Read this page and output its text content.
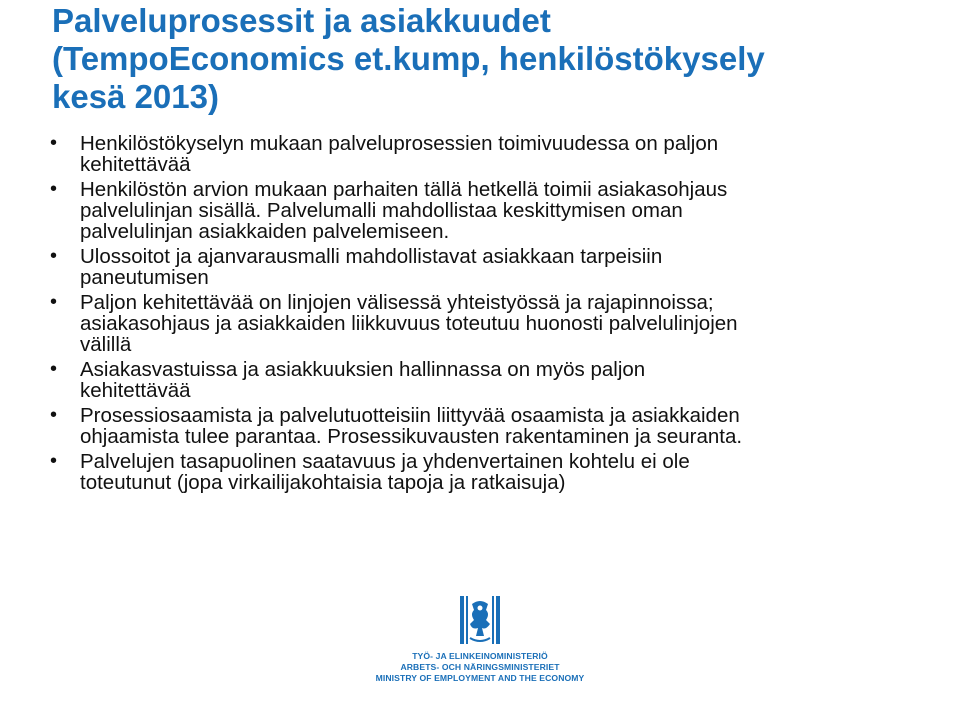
Palveluprosessit ja asiakkuudet
(TempoEconomics et.kump, henkilöstökysely
kesä 2013)
• Henkilöstökyselyn mukaan palveluprosessien toimivuudessa on paljon
kehitettävää
• Henkilöstön arvion mukaan parhaiten tällä hetkellä toimii asiakasohjaus
palvelulinjan sisällä. Palvelumalli mahdollistaa keskittymisen oman
palvelulinjan asiakkaiden palvelemiseen.
• Ulossoitot ja ajanvarausmalli mahdollistavat asiakkaan tarpeisiin
paneutumisen
• Paljon kehitettävää on linjojen välisessä yhteistyössä ja rajapinnoissa;
asiakasohjaus ja asiakkaiden liikkuvuus toteutuu huonosti palvelulinjojen
välillä
• Asiakasvastuissa ja asiakkuuksien hallinnassa on myös paljon
kehitettävää
• Prosessiosaamista ja palvelutuotteisiin liittyvää osaamista ja asiakkaiden
ohjaamista tulee parantaa. Prosessikuvausten rakentaminen ja seuranta.
• Palvelujen tasapuolinen saatavuus ja yhdenvertainen kohtelu ei ole
toteutunut (jopa virkailijakohtaisia tapoja ja ratkaisuja)
TYÖ- JA ELINKEINOMINISTERIÖ
ARBETS- OCH NÄRINGSMINISTERIET
MINISTRY OF EMPLOYMENT AND THE ECONOMY
